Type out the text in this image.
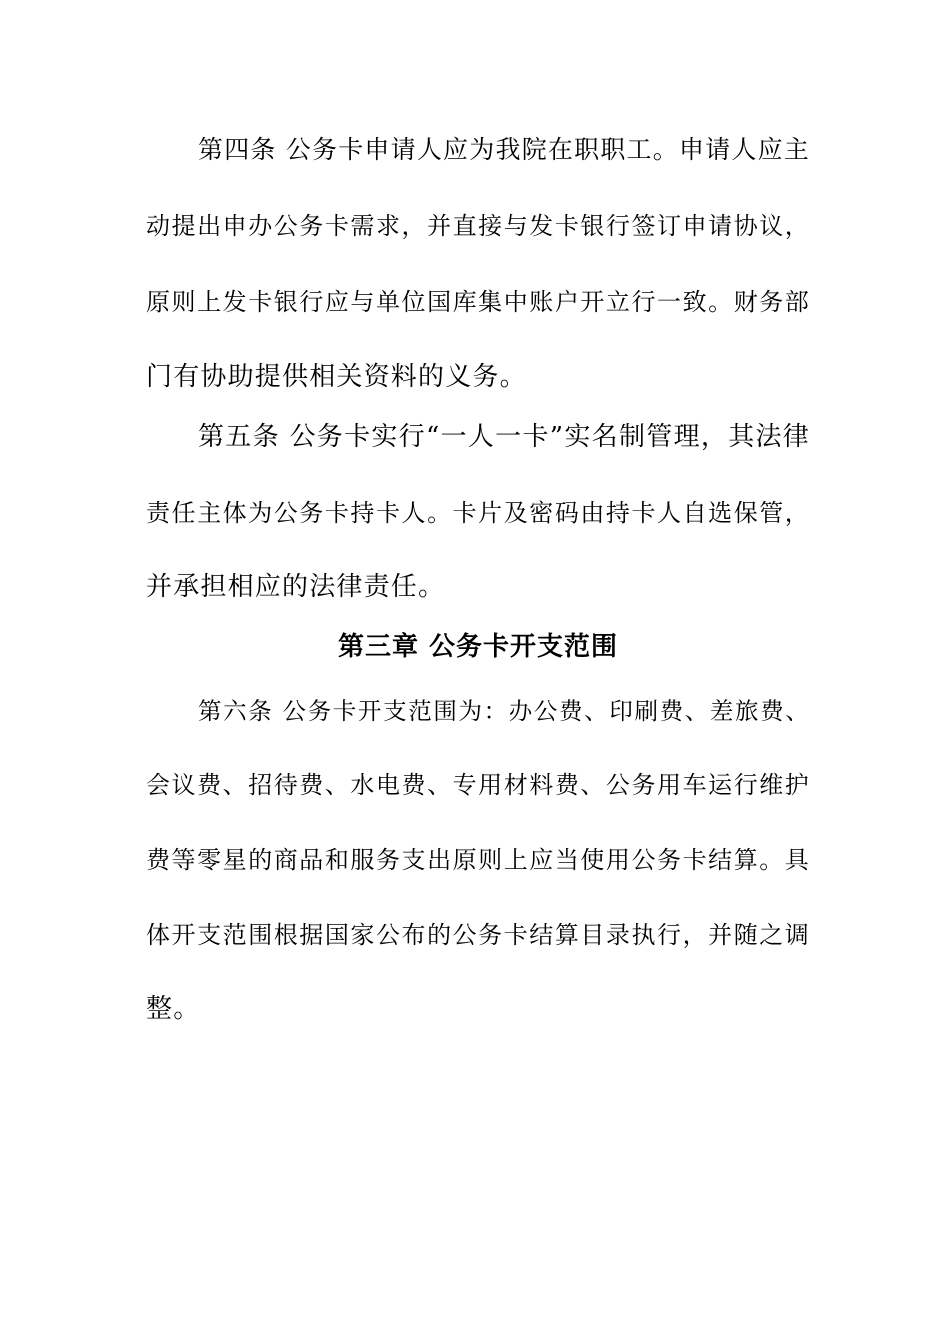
第四条 公务卡申请人应为我院在职职工。申请人应主
动提出申办公务卡需求，并直接与发卡银行签订申请协议，
原则上发卡银行应与单位国库集中账户开立行一致。财务部
门有协助提供相关资料的义务。
第五条 公务卡实行“一人一卡”实名制管理，其法律
责任主体为公务卡持卡人。卡片及密码由持卡人自选保管，
并承担相应的法律责任。
第三章 公务卡开支范围
第六条 公务卡开支范围为：办公费、印刷费、差旅费、
会议费、招待费、水电费、专用材料费、公务用车运行维护
费等零星的商品和服务支出原则上应当使用公务卡结算。具
体开支范围根据国家公布的公务卡结算目录执行，并随之调
整。
